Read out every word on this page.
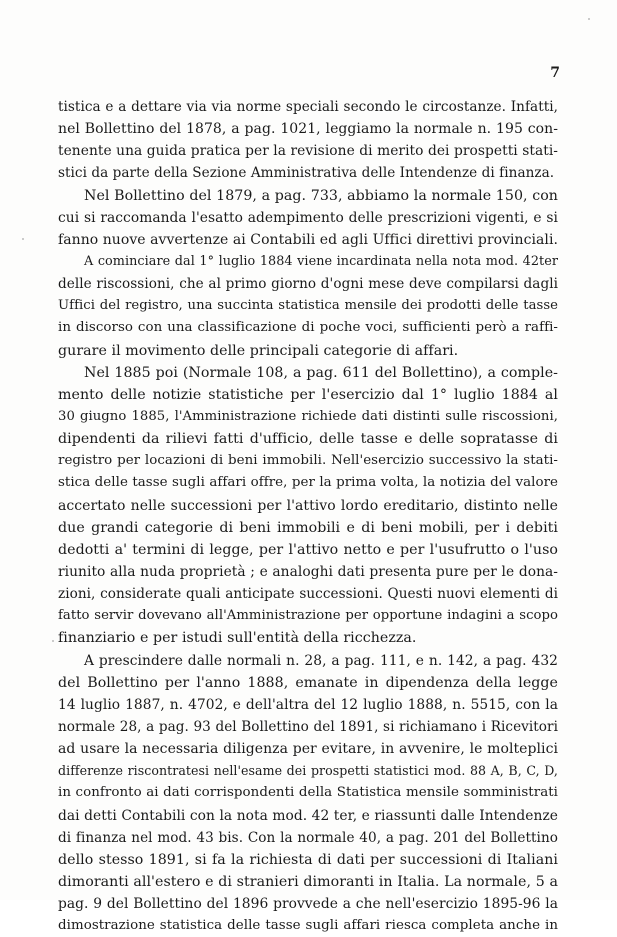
7
tistica e a dettare via via norme speciali secondo le circostanze. Infatti,
nel Bollettino del 1878, a pag. 1021, leggiamo la normale n. 195 con-
tenente una guida pratica per la revisione di merito dei prospetti stati-
stici da parte della Sezione Amministrativa delle Intendenze di finanza.
Nel Bollettino del 1879, a pag. 733, abbiamo la normale 150, con
cui si raccomanda l'esatto adempimento delle prescrizioni vigenti, e si
fanno nuove avvertenze ai Contabili ed agli Uffici direttivi provinciali.
A cominciare dal 1° luglio 1884 viene incardinata nella nota mod. 42ter
delle riscossioni, che al primo giorno d'ogni mese deve compilarsi dagli
Uffici del registro, una succinta statistica mensile dei prodotti delle tasse
in discorso con una classificazione di poche voci, sufficienti però a raffi-
gurare il movimento delle principali categorie di affari.
Nel 1885 poi (Normale 108, a pag. 611 del Bollettino), a comple-
mento delle notizie statistiche per l'esercizio dal 1° luglio 1884 al
30 giugno 1885, l'Amministrazione richiede dati distinti sulle riscossioni,
dipendenti da rilievi fatti d'ufficio, delle tasse e delle sopratasse di
registro per locazioni di beni immobili. Nell'esercizio successivo la stati-
stica delle tasse sugli affari offre, per la prima volta, la notizia del valore
accertato nelle successioni per l'attivo lordo ereditario, distinto nelle
due grandi categorie di beni immobili e di beni mobili, per i debiti
dedotti a' termini di legge, per l'attivo netto e per l'usufrutto o l'uso
riunito alla nuda proprietà ; e analoghi dati presenta pure per le dona-
zioni, considerate quali anticipate successioni. Questi nuovi elementi di
fatto servir dovevano all'Amministrazione per opportune indagini a scopo
finanziario e per istudi sull'entità della ricchezza.
A prescindere dalle normali n. 28, a pag. 111, e n. 142, a pag. 432
del Bollettino per l'anno 1888, emanate in dipendenza della legge
14 luglio 1887, n. 4702, e dell'altra del 12 luglio 1888, n. 5515, con la
normale 28, a pag. 93 del Bollettino del 1891, si richiamano i Ricevitori
ad usare la necessaria diligenza per evitare, in avvenire, le molteplici
differenze riscontratesi nell'esame dei prospetti statistici mod. 88 A, B, C, D,
in confronto ai dati corrispondenti della Statistica mensile somministrati
dai detti Contabili con la nota mod. 42 ter, e riassunti dalle Intendenze
di finanza nel mod. 43 bis. Con la normale 40, a pag. 201 del Bollettino
dello stesso 1891, si fa la richiesta di dati per successioni di Italiani
dimoranti all'estero e di stranieri dimoranti in Italia. La normale, 5 a
pag. 9 del Bollettino del 1896 provvede a che nell'esercizio 1895-96 la
dimostrazione statistica delle tasse sugli affari riesca completa anche in
